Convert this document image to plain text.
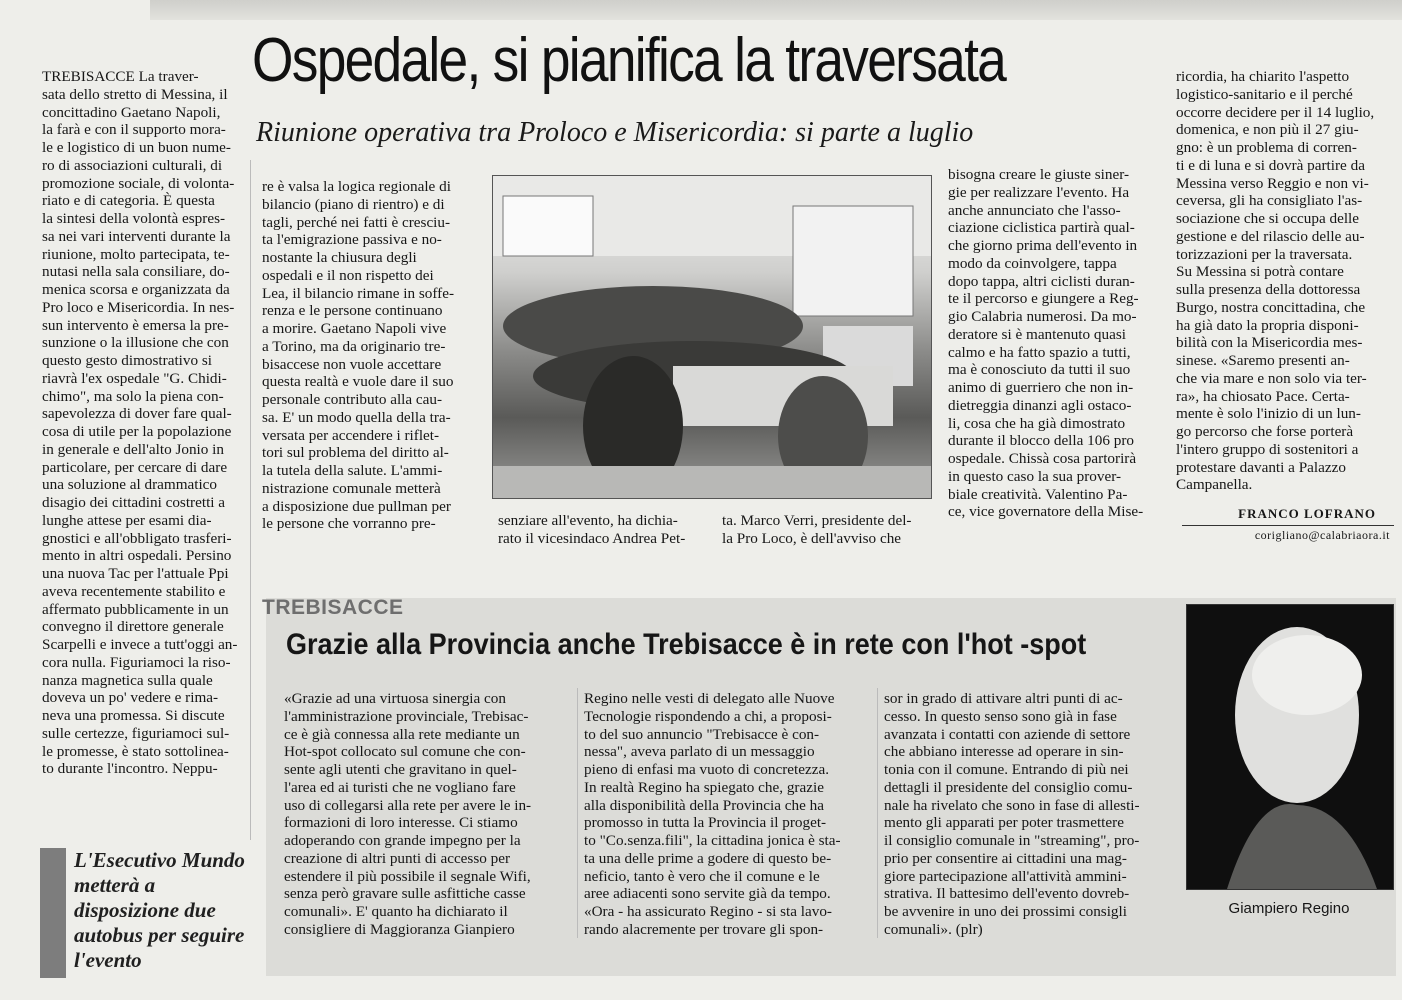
Ospedale, si pianifica la traversata
Riunione operativa tra Proloco e Misericordia: si parte a luglio

TREBISACCE La traver-

sata dello stretto di Messina, il

concittadino Gaetano Napoli,

la farà e con il supporto mora-

le e logistico di un buon nume-

ro di associazioni culturali, di

promozione sociale, di volonta-

riato e di categoria. È questa

la sintesi della volontà espres-

sa nei vari interventi durante la

riunione, molto partecipata, te-

nutasi nella sala consiliare, do-

menica scorsa e organizzata da

Pro loco e Misericordia. In nes-

sun intervento è emersa la pre-

sunzione o la illusione che con

questo gesto dimostrativo si

riavrà l'ex ospedale "G. Chidi-

chimo", ma solo la piena con-

sapevolezza di dover fare qual-

cosa di utile per la popolazione

in generale e dell'alto Jonio in

particolare, per cercare di dare

una soluzione al drammatico

disagio dei cittadini costretti a

lunghe attese per esami dia-

gnostici e all'obbligato trasferi-

mento in altri ospedali. Persino

una nuova Tac per l'attuale Ppi

aveva recentemente stabilito e

affermato pubblicamente in un

convegno il direttore generale

Scarpelli e invece a tutt'oggi an-

cora nulla. Figuriamoci la riso-

nanza magnetica sulla quale

doveva un po' vedere e rima-

neva una promessa. Si discute

sulle certezze, figuriamoci sul-

le promesse, è stato sottolinea-

to durante l'incontro. Neppu-

re è valsa la logica regionale di

bilancio (piano di rientro) e di

tagli, perché nei fatti è cresciu-

ta l'emigrazione passiva e no-

nostante la chiusura degli

ospedali e il non rispetto dei

Lea, il bilancio rimane in soffe-

renza e le persone continuano

a morire. Gaetano Napoli vive

a Torino, ma da originario tre-

bisaccese non vuole accettare

questa realtà e vuole dare il suo

personale contributo alla cau-

sa. E' un modo quella della tra-

versata per accendere i riflet-

tori sul problema del diritto al-

la tutela della salute. L'ammi-

nistrazione comunale metterà

a disposizione due pullman per

le persone che vorranno pre-	senziare all'evento, ha dichia-

rato il vicesindaco Andrea Pet-

ta. Marco Verri, presidente del-

la Pro Loco, è dell'avviso che

bisogna creare le giuste siner-

gie per realizzare l'evento. Ha

anche annunciato che l'asso-

ciazione ciclistica partirà qual-

che giorno prima dell'evento in

modo da coinvolgere, tappa

dopo tappa, altri ciclisti duran-

te il percorso e giungere a Reg-

gio Calabria numerosi. Da mo-

deratore si è mantenuto quasi

calmo e ha fatto spazio a tutti,

ma è conosciuto da tutti il suo

animo di guerriero che non in-

dietreggia dinanzi agli ostaco-

li, cosa che ha già dimostrato

durante il blocco della 106 pro

ospedale. Chissà cosa partorirà

in questo caso la sua prover-

biale creatività. Valentino Pa-

ce, vice governatore della Mise-

ricordia, ha chiarito l'aspetto

logistico-sanitario e il perché

occorre decidere per il 14 luglio,

domenica, e non più il 27 giu-

gno: è un problema di corren-

ti e di luna e si dovrà partire da

Messina verso Reggio e non vi-

ceversa, gli ha consigliato l'as-

sociazione che si occupa delle

gestione e del rilascio delle au-

torizzazioni per la traversata.

Su Messina si potrà contare

sulla presenza della dottoressa

Burgo, nostra concittadina, che

ha già dato la propria disponi-

bilità con la Misericordia mes-

sinese. «Saremo presenti an-

che via mare e non solo via ter-

ra», ha chiosato Pace. Certa-

mente è solo l'inizio di un lun-

go percorso che forse porterà

l'intero gruppo di sostenitori a

protestare davanti a Palazzo

Campanella.

FRANCO LOFRANO
corigliano@calabriaora.it
L'Esecutivo Mundo metterà a disposizione due autobus per seguire l'evento
TREBISACCE
Grazie alla Provincia anche Trebisacce è in rete con l'hot -spot

«Grazie ad una virtuosa sinergia con

l'amministrazione provinciale, Trebisac-

ce è già connessa alla rete mediante un

Hot-spot collocato sul comune che con-

sente agli utenti che gravitano in quel-

l'area ed ai turisti che ne vogliano fare

uso di collegarsi alla rete per avere le in-

formazioni di loro interesse. Ci stiamo

adoperando con grande impegno per la

creazione di altri punti di accesso per

estendere il più possibile il segnale Wifi,

senza però gravare sulle asfittiche casse

comunali». E' quanto ha dichiarato il

consigliere di Maggioranza Gianpiero

Regino nelle vesti di delegato alle Nuove

Tecnologie rispondendo a chi, a proposi-

to del suo annuncio "Trebisacce è con-

nessa", aveva parlato di un messaggio

pieno di enfasi ma vuoto di concretezza.

In realtà Regino ha spiegato che, grazie

alla disponibilità della Provincia che ha

promosso in tutta la Provincia il proget-

to "Co.senza.fili", la cittadina jonica è sta-

ta una delle prime a godere di questo be-

neficio, tanto è vero che il comune e le

aree adiacenti sono servite già da tempo.

«Ora - ha assicurato Regino - si sta lavo-

rando alacremente per trovare gli spon-

sor in grado di attivare altri punti di ac-

cesso. In questo senso sono già in fase

avanzata i contatti con aziende di settore

che abbiano interesse ad operare in sin-

tonia con il comune. Entrando di più nei

dettagli il presidente del consiglio comu-

nale ha rivelato che sono in fase di allesti-

mento gli apparati per poter trasmettere

il consiglio comunale in "streaming", pro-

prio per consentire ai cittadini una mag-

giore partecipazione all'attività ammini-

strativa. Il battesimo dell'evento dovreb-

be avvenire in uno dei prossimi consigli

comunali». (plr)

Giampiero Regino
